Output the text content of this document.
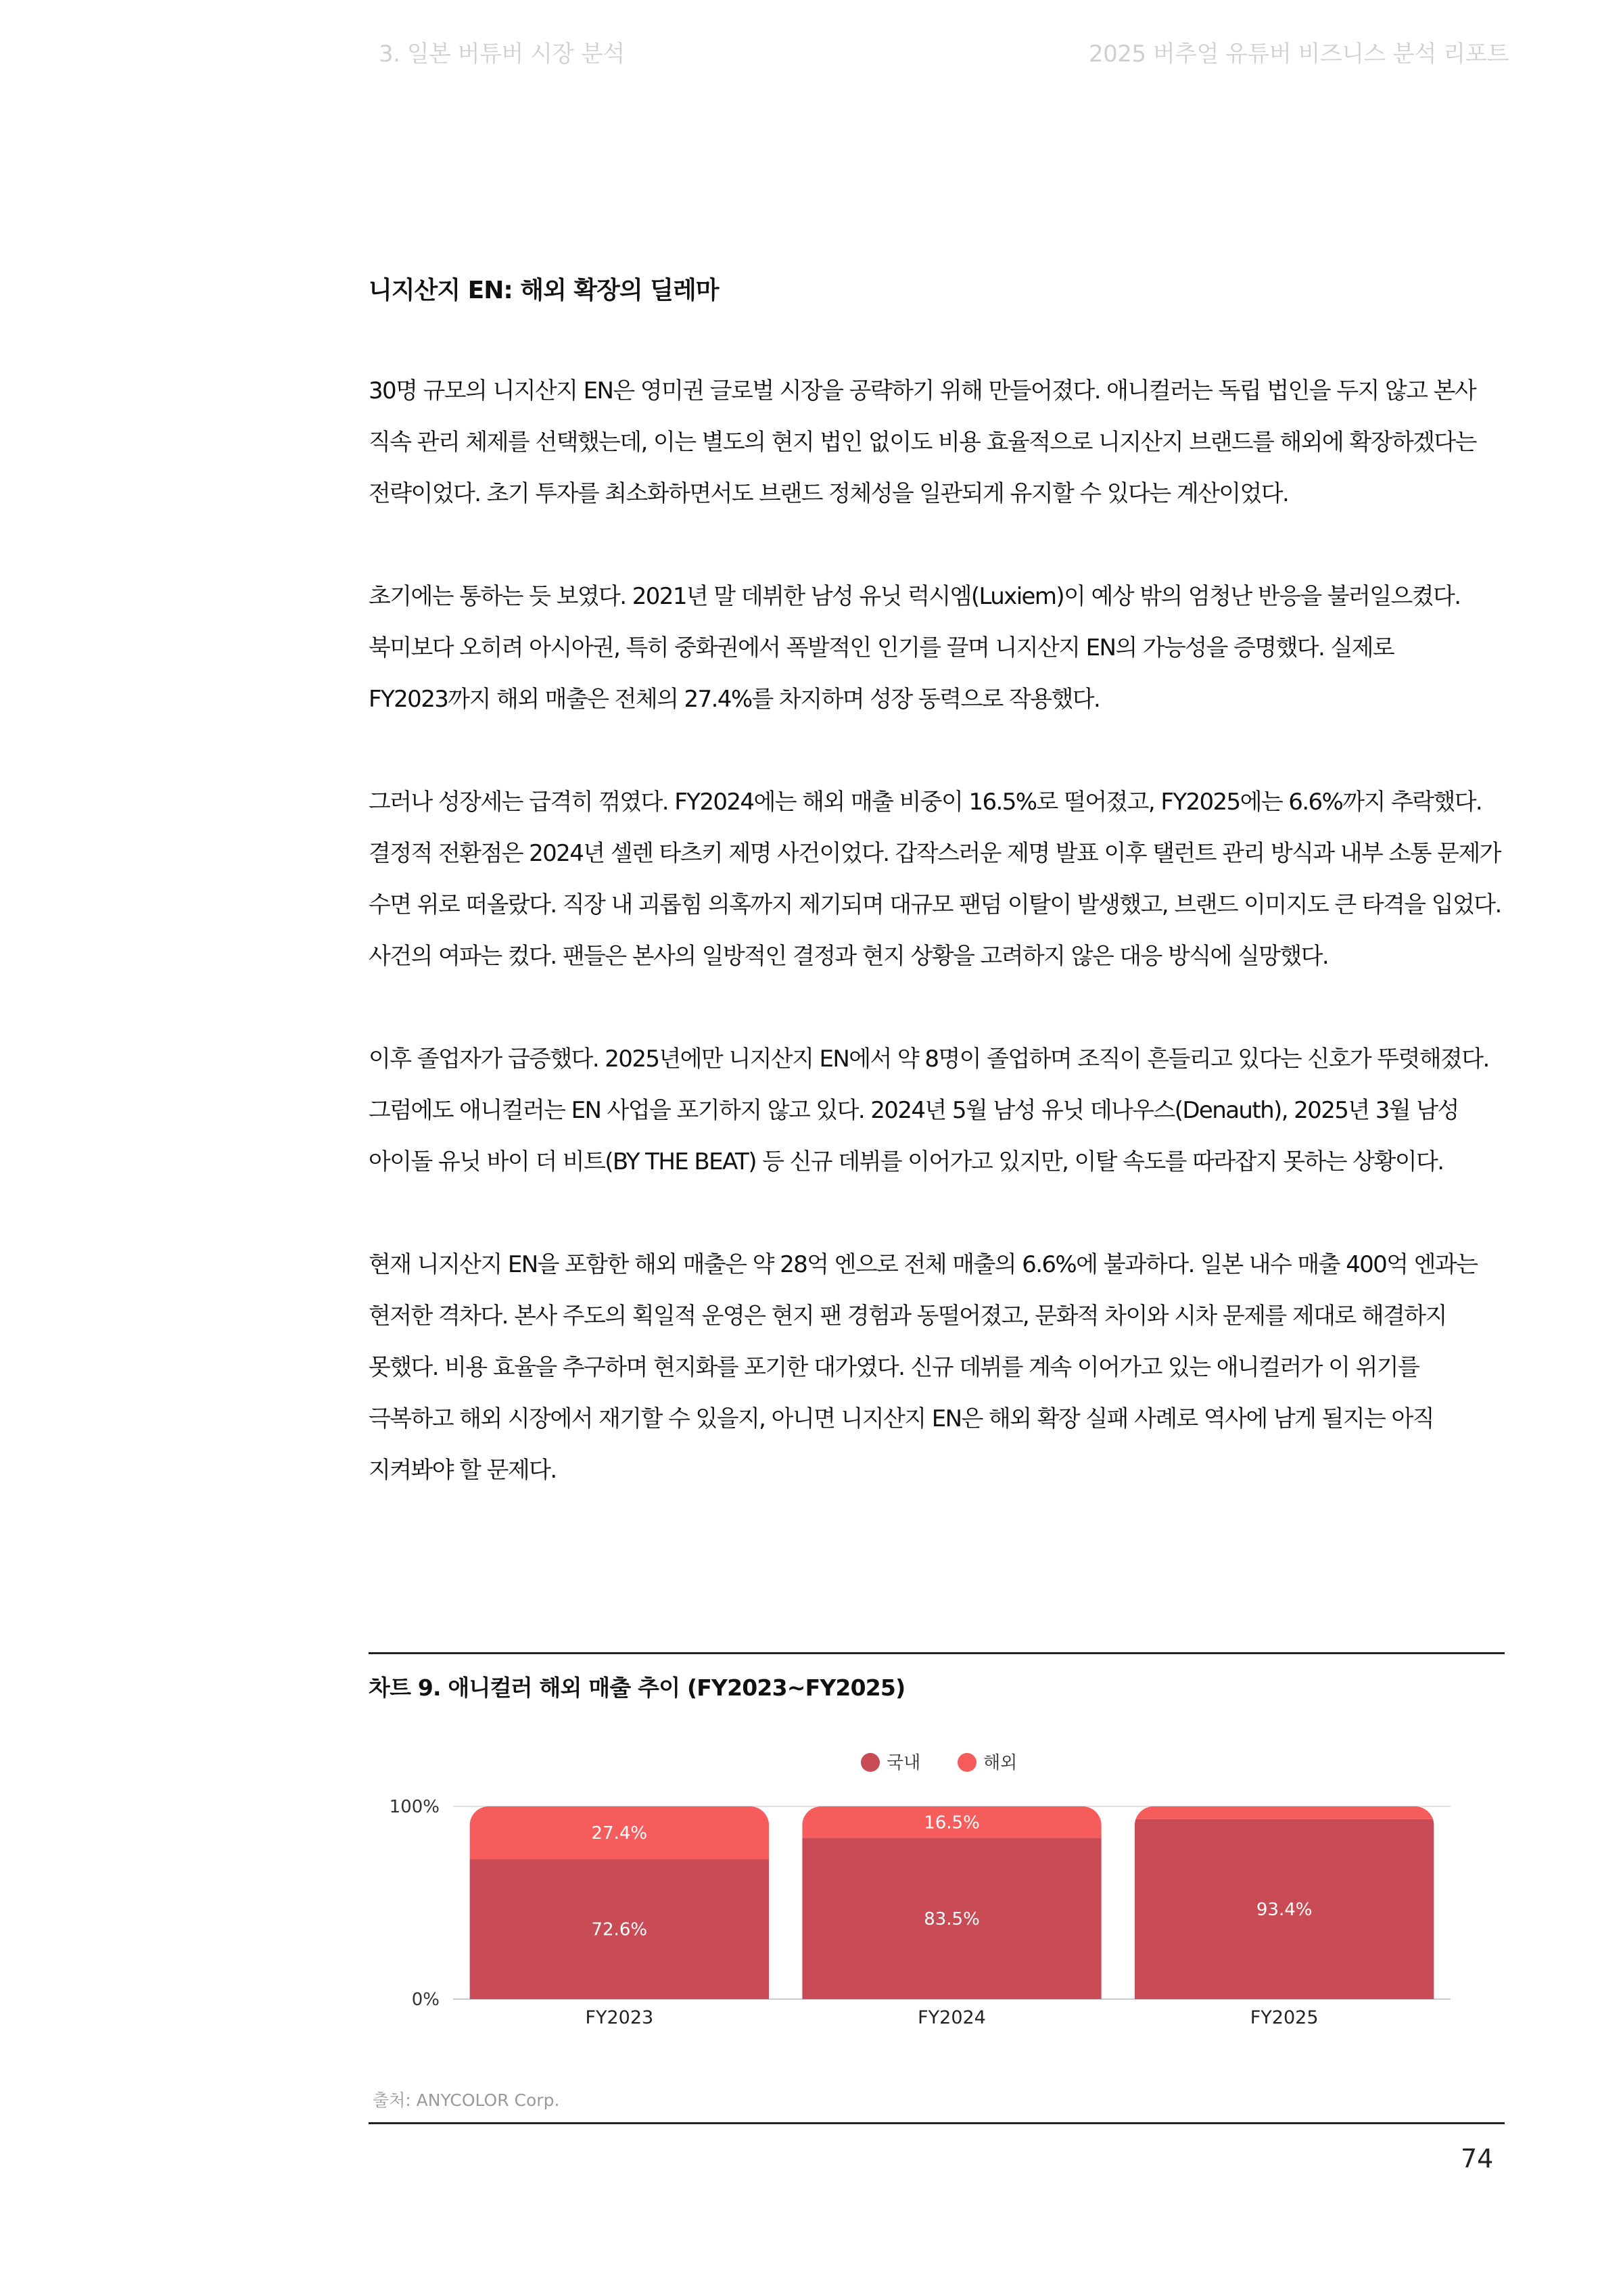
3. 일본 버튜버 시장 분석	2025 버추얼 유튜버 비즈니스 분석 리포트
니지산지 EN: 해외 확장의 딜레마

30명 규모의 니지산지 EN은 영미권 글로벌 시장을 공략하기 위해 만들어졌다. 애니컬러는 독립 법인을 두지 않고 본사 직속 관리 체제를 선택했는데, 이는 별도의 현지 법인 없이도 비용 효율적으로 니지산지 브랜드를 해외에 확장하겠다는 전략이었다. 초기 투자를 최소화하면서도 브랜드 정체성을 일관되게 유지할 수 있다는 계산이었다.

초기에는 통하는 듯 보였다. 2021년 말 데뷔한 남성 유닛 럭시엠(Luxiem)이 예상 밖의 엄청난 반응을 불러일으켰다. 북미보다 오히려 아시아권, 특히 중화권에서 폭발적인 인기를 끌며 니지산지 EN의 가능성을 증명했다. 실제로 FY2023까지 해외 매출은 전체의 27.4%를 차지하며 성장 동력으로 작용했다.

그러나 성장세는 급격히 꺾였다. FY2024에는 해외 매출 비중이 16.5%로 떨어졌고, FY2025에는 6.6%까지 추락했다. 결정적 전환점은 2024년 셀렌 타츠키 제명 사건이었다. 갑작스러운 제명 발표 이후 탤런트 관리 방식과 내부 소통 문제가 수면 위로 떠올랐다. 직장 내 괴롭힘 의혹까지 제기되며 대규모 팬덤 이탈이 발생했고, 브랜드 이미지도 큰 타격을 입었다. 사건의 여파는 컸다. 팬들은 본사의 일방적인 결정과 현지 상황을 고려하지 않은 대응 방식에 실망했다.

이후 졸업자가 급증했다. 2025년에만 니지산지 EN에서 약 8명이 졸업하며 조직이 흔들리고 있다는 신호가 뚜렷해졌다. 그럼에도 애니컬러는 EN 사업을 포기하지 않고 있다. 2024년 5월 남성 유닛 데나우스(Denauth), 2025년 3월 남성 아이돌 유닛 바이 더 비트(BY THE BEAT) 등 신규 데뷔를 이어가고 있지만, 이탈 속도를 따라잡지 못하는 상황이다.

현재 니지산지 EN을 포함한 해외 매출은 약 28억 엔으로 전체 매출의 6.6%에 불과하다. 일본 내수 매출 400억 엔과는 현저한 격차다. 본사 주도의 획일적 운영은 현지 팬 경험과 동떨어졌고, 문화적 차이와 시차 문제를 제대로 해결하지 못했다. 비용 효율을 추구하며 현지화를 포기한 대가였다. 신규 데뷔를 계속 이어가고 있는 애니컬러가 이 위기를 극복하고 해외 시장에서 재기할 수 있을지, 아니면 니지산지 EN은 해외 확장 실패 사례로 역사에 남게 될지는 아직 지켜봐야 할 문제다.

차트 9. 애니컬러 해외 매출 추이 (FY2023~FY2025)
국내	해외
0%
100%
72.6%
27.4%
FY2023
83.5%
16.5%
FY2024
93.4%
FY2025
출처: ANYCOLOR Corp.
74
